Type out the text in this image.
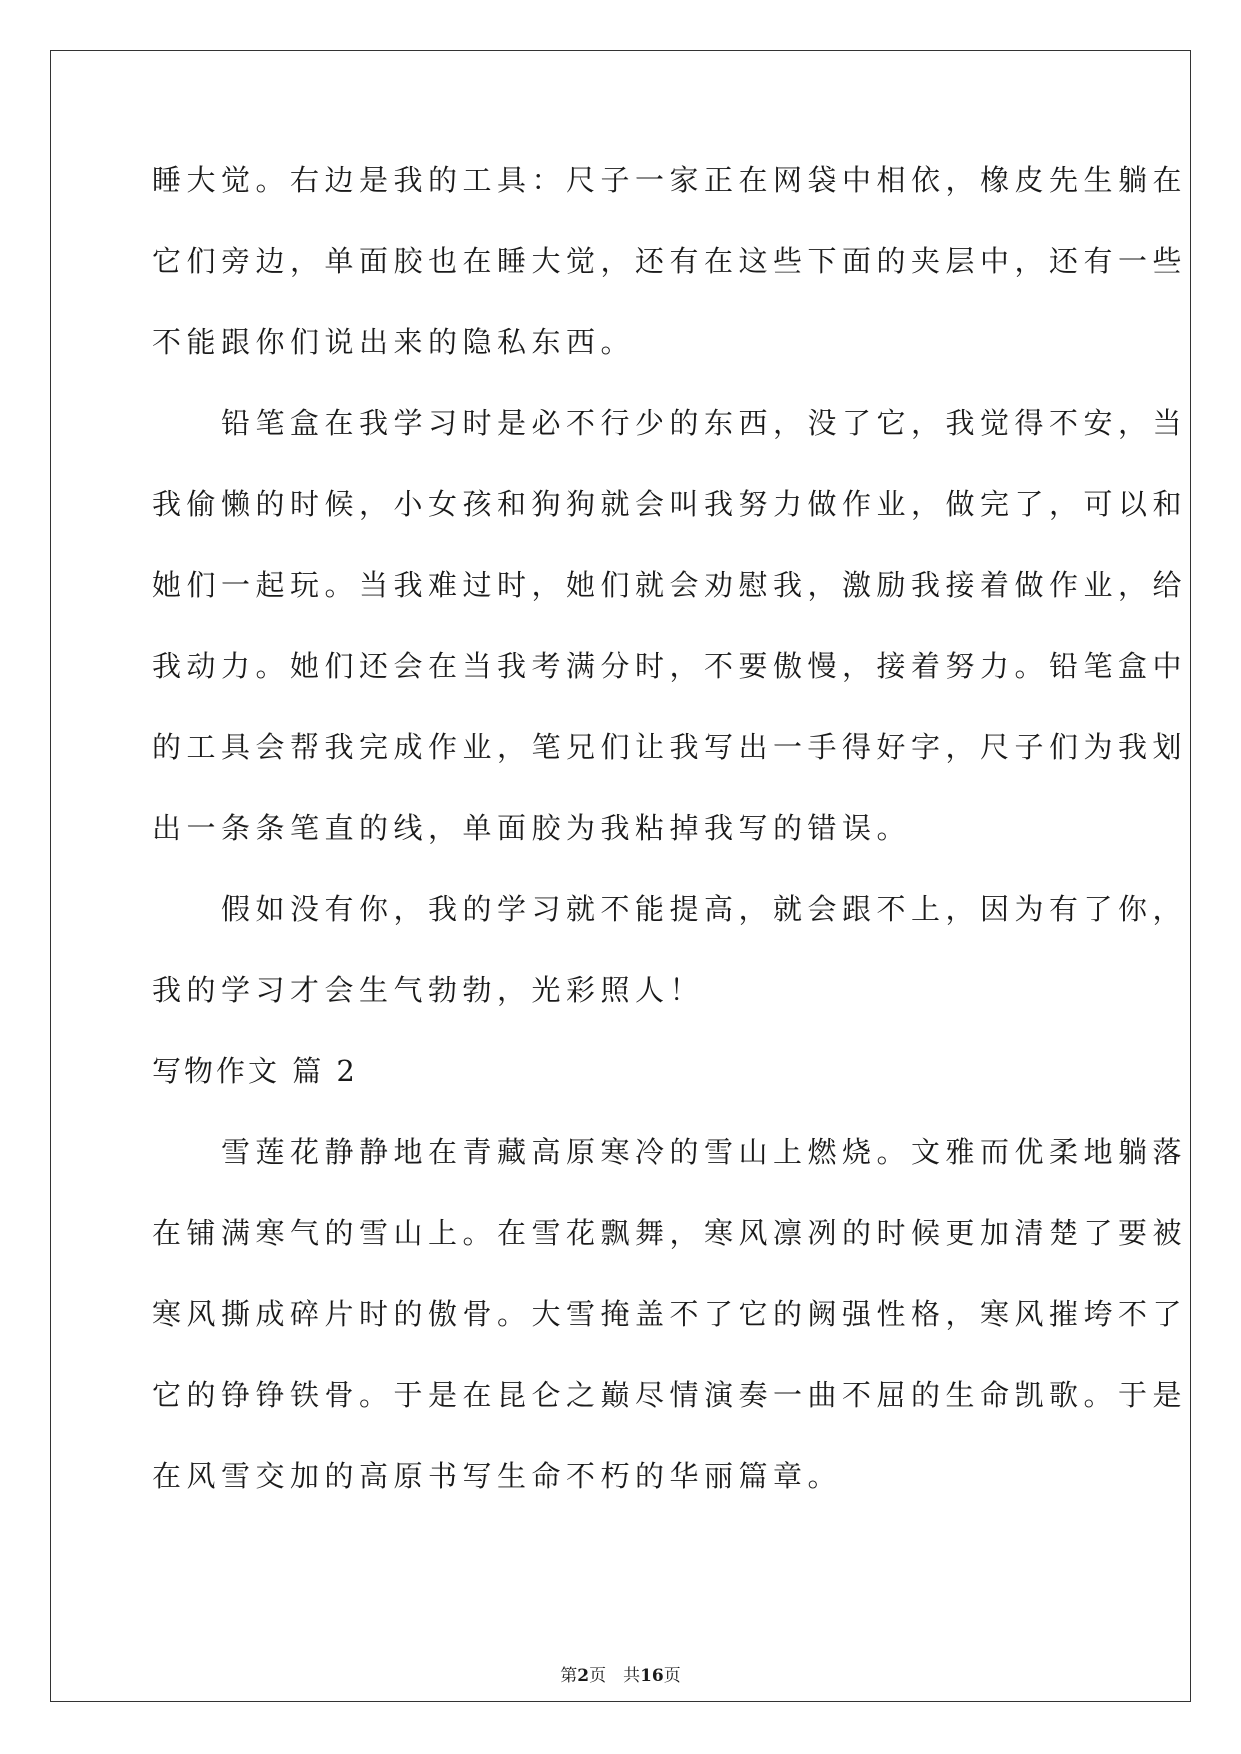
睡大觉。右边是我的工具：尺子一家正在网袋中相依，橡皮先生躺在

它们旁边，单面胶也在睡大觉，还有在这些下面的夹层中，还有一些

不能跟你们说出来的隐私东西。

　　铅笔盒在我学习时是必不行少的东西，没了它，我觉得不安，当

我偷懒的时候，小女孩和狗狗就会叫我努力做作业，做完了，可以和

她们一起玩。当我难过时，她们就会劝慰我，激励我接着做作业，给

我动力。她们还会在当我考满分时，不要傲慢，接着努力。铅笔盒中

的工具会帮我完成作业，笔兄们让我写出一手得好字，尺子们为我划

出一条条笔直的线，单面胶为我粘掉我写的错误。

　　假如没有你，我的学习就不能提高，就会跟不上，因为有了你，

我的学习才会生气勃勃，光彩照人！

写物作文 篇 2

　　雪莲花静静地在青藏高原寒冷的雪山上燃烧。文雅而优柔地躺落

在铺满寒气的雪山上。在雪花飘舞，寒风凛冽的时候更加清楚了要被

寒风撕成碎片时的傲骨。大雪掩盖不了它的阙强性格，寒风摧垮不了

它的铮铮铁骨。于是在昆仑之巅尽情演奏一曲不屈的生命凯歌。于是

在风雪交加的高原书写生命不朽的华丽篇章。

第2页　共16页
